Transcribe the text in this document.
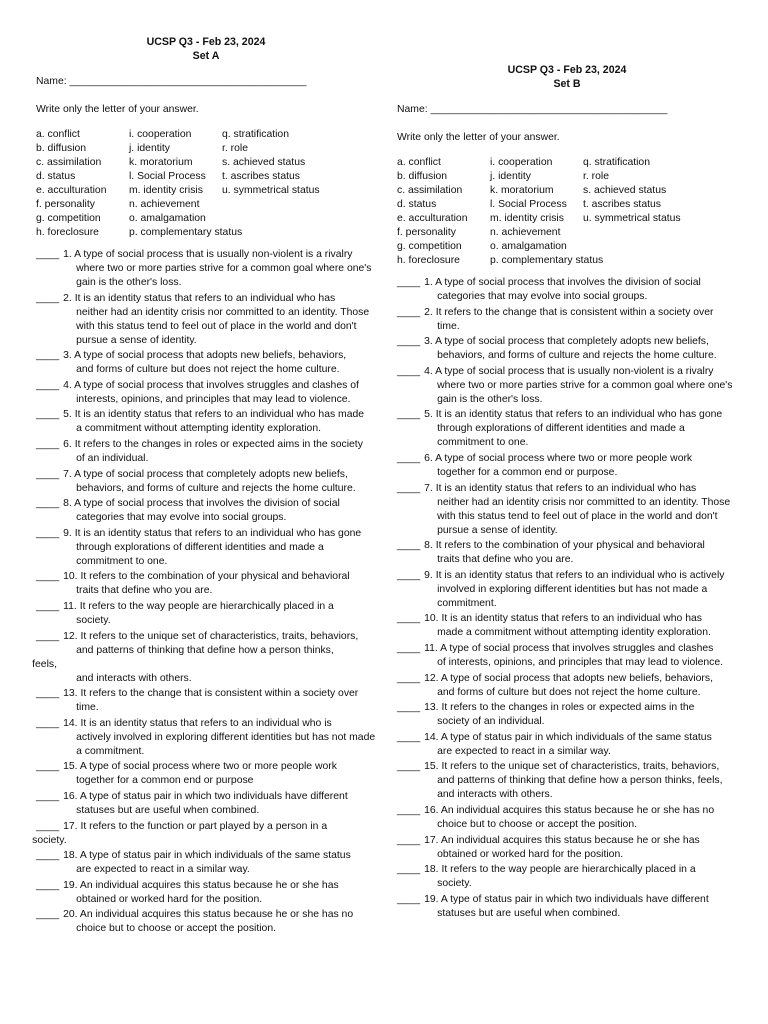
UCSP Q3 - Feb 23, 2024
Set A
Name: _________________________________________
Write only the letter of your answer.
a. conflict	i. cooperation	q. stratification
b. diffusion	j. identity	r. role
c. assimilation	k. moratorium	s. achieved status
d. status	l. Social Process	t. ascribes status
e. acculturation	m. identity crisis	u. symmetrical status
f. personality	n. achievement
g. competition	o. amalgamation
h. foreclosure	p. complementary status
____ 1. A type of social process that is usually non-violent is a rivalry
where two or more parties strive for a common goal where one's gain is the other's loss.
____ 2. It is an identity status that refers to an individual who has
neither had an identity crisis nor committed to an identity. Those with this status tend to feel out of place in the world and don't pursue a sense of identity.
____ 3. A type of social process that adopts new beliefs, behaviors,
and forms of culture but does not reject the home culture.
____ 4. A type of social process that involves struggles and clashes of
interests, opinions, and principles that may lead to violence.
____ 5. It is an identity status that refers to an individual who has made
a commitment without attempting identity exploration.
____ 6. It refers to the changes in roles or expected aims in the society
of an individual.
____ 7. A type of social process that completely adopts new beliefs,
behaviors, and forms of culture and rejects the home culture.
____ 8. A type of social process that involves the division of social
categories that may evolve into social groups.
____ 9. It is an identity status that refers to an individual who has gone
through explorations of different identities and made a commitment to one.
____ 10. It refers to the combination of your physical and behavioral
traits that define who you are.
____ 11. It refers to the way people are hierarchically placed in a
society.
____ 12. It refers to the unique set of characteristics, traits, behaviors,
and patterns of thinking that define how a person thinks,
feels,
and interacts with others.
____ 13. It refers to the change that is consistent within a society over
time.
____ 14. It is an identity status that refers to an individual who is
actively involved in exploring different identities but has not made a commitment.
____ 15. A type of social process where two or more people work
together for a common end or purpose
____ 16. A type of status pair in which two individuals have different
statuses but are useful when combined.
____ 17. It refers to the function or part played by a person in a
society.
____ 18. A type of status pair in which individuals of the same status
are expected to react in a similar way.
____ 19. An individual acquires this status because he or she has
obtained or worked hard for the position.
____ 20. An individual acquires this status because he or she has no
choice but to choose or accept the position.
UCSP Q3 - Feb 23, 2024
Set B
Name: _________________________________________
Write only the letter of your answer.
a. conflict	i. cooperation	q. stratification
b. diffusion	j. identity	r. role
c. assimilation	k. moratorium	s. achieved status
d. status	l. Social Process	t. ascribes status
e. acculturation	m. identity crisis	u. symmetrical status
f. personality	n. achievement
g. competition	o. amalgamation
h. foreclosure	p. complementary status
____ 1. A type of social process that involves the division of social
categories that may evolve into social groups.
____ 2. It refers to the change that is consistent within a society over
time.
____ 3. A type of social process that completely adopts new beliefs,
behaviors, and forms of culture and rejects the home culture.
____ 4. A type of social process that is usually non-violent is a rivalry
where two or more parties strive for a common goal where one's gain is the other's loss.
____ 5. It is an identity status that refers to an individual who has gone
through explorations of different identities and made a commitment to one.
____ 6. A type of social process where two or more people work
together for a common end or purpose.
____ 7. It is an identity status that refers to an individual who has
neither had an identity crisis nor committed to an identity. Those with this status tend to feel out of place in the world and don't pursue a sense of identity.
____ 8. It refers to the combination of your physical and behavioral
traits that define who you are.
____ 9. It is an identity status that refers to an individual who is actively
involved in exploring different identities but has not made a commitment.
____ 10. It is an identity status that refers to an individual who has
made a commitment without attempting identity exploration.
____ 11. A type of social process that involves struggles and clashes
of interests, opinions, and principles that may lead to violence.
____ 12. A type of social process that adopts new beliefs, behaviors,
and forms of culture but does not reject the home culture.
____ 13. It refers to the changes in roles or expected aims in the
society of an individual.
____ 14. A type of status pair in which individuals of the same status
are expected to react in a similar way.
____ 15. It refers to the unique set of characteristics, traits, behaviors,
and patterns of thinking that define how a person thinks, feels, and interacts with others.
____ 16. An individual acquires this status because he or she has no
choice but to choose or accept the position.
____ 17. An individual acquires this status because he or she has
obtained or worked hard for the position.
____ 18. It refers to the way people are hierarchically placed in a
society.
____ 19. A type of status pair in which two individuals have different
statuses but are useful when combined.
